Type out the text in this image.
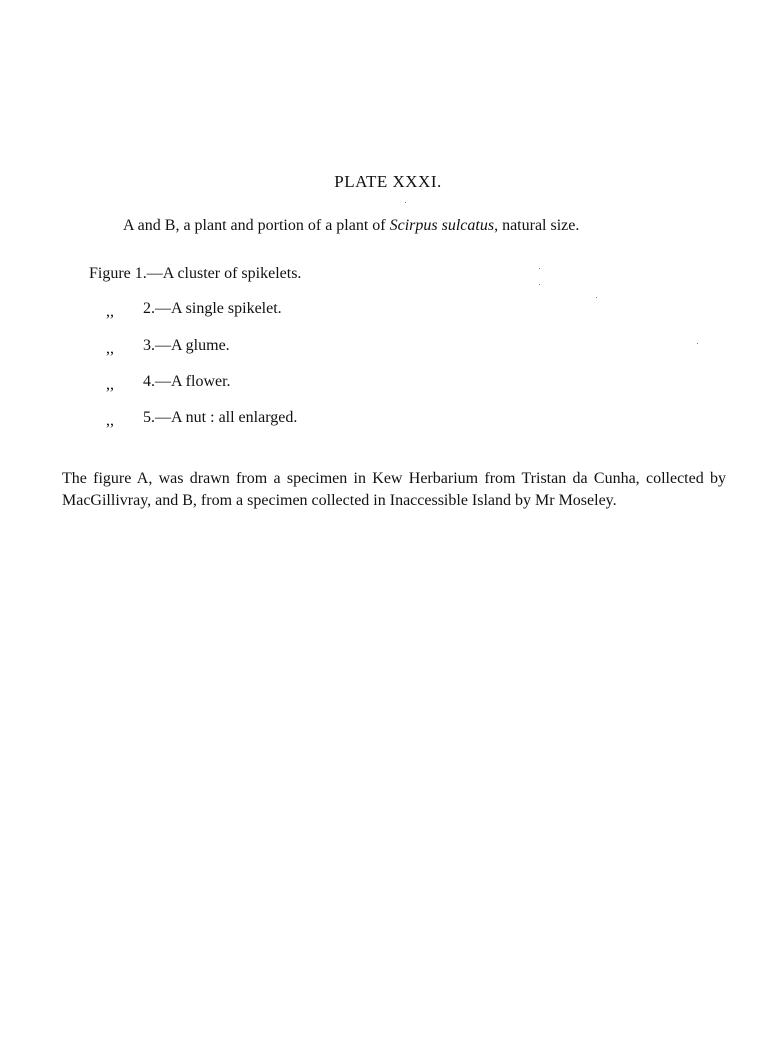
PLATE XXXI.
A and B, a plant and portion of a plant of Scirpus sulcatus, natural size.
Figure 1.—A cluster of spikelets.
,, 2.—A single spikelet.
,, 3.—A glume.
,, 4.—A flower.
,, 5.—A nut : all enlarged.

The figure A, was drawn from a specimen in Kew Herbarium from Tristan da Cunha, collected by MacGillivray, and B, from a specimen collected in Inaccessible Island by Mr Moseley.
